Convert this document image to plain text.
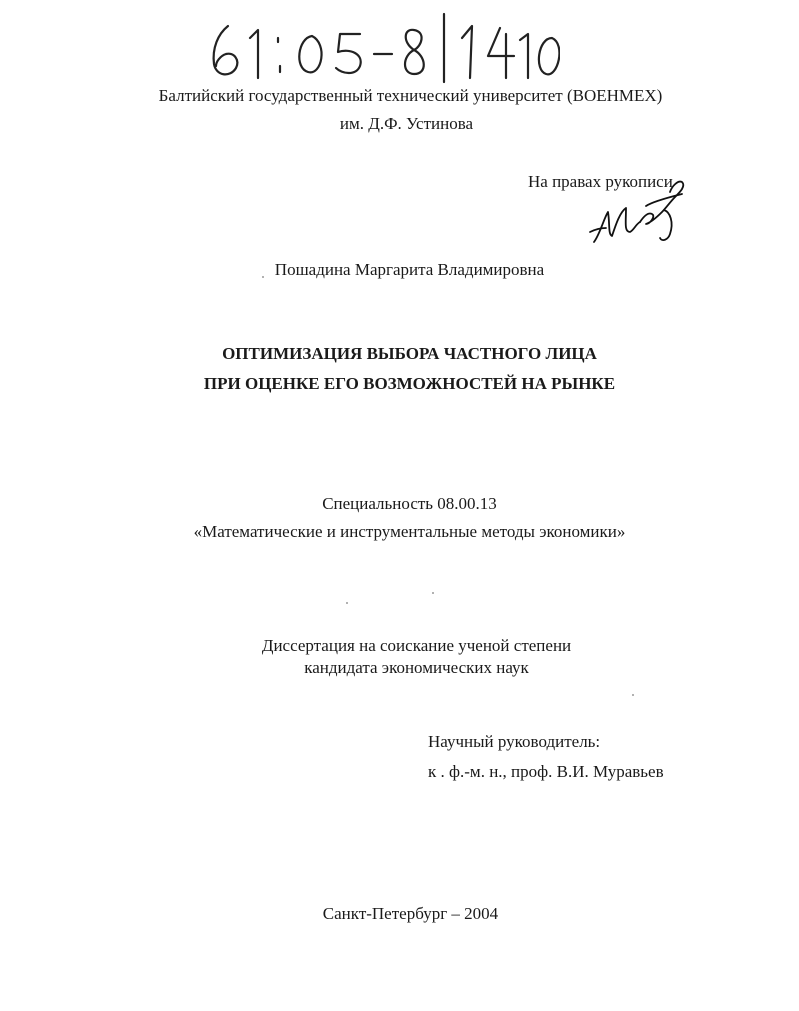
Балтийский государственный технический университет (ВОЕНМЕХ)
им. Д.Ф. Устинова
На правах рукописи
Пошадина Маргарита Владимировна
ОПТИМИЗАЦИЯ ВЫБОРА ЧАСТНОГО ЛИЦА
ПРИ ОЦЕНКЕ ЕГО ВОЗМОЖНОСТЕЙ НА РЫНКЕ
Специальность 08.00.13
«Математические и инструментальные методы экономики»
Диссертация на соискание ученой степени
кандидата экономических наук
Научный руководитель:
к . ф.-м. н., проф. В.И. Муравьев
Санкт-Петербург – 2004
